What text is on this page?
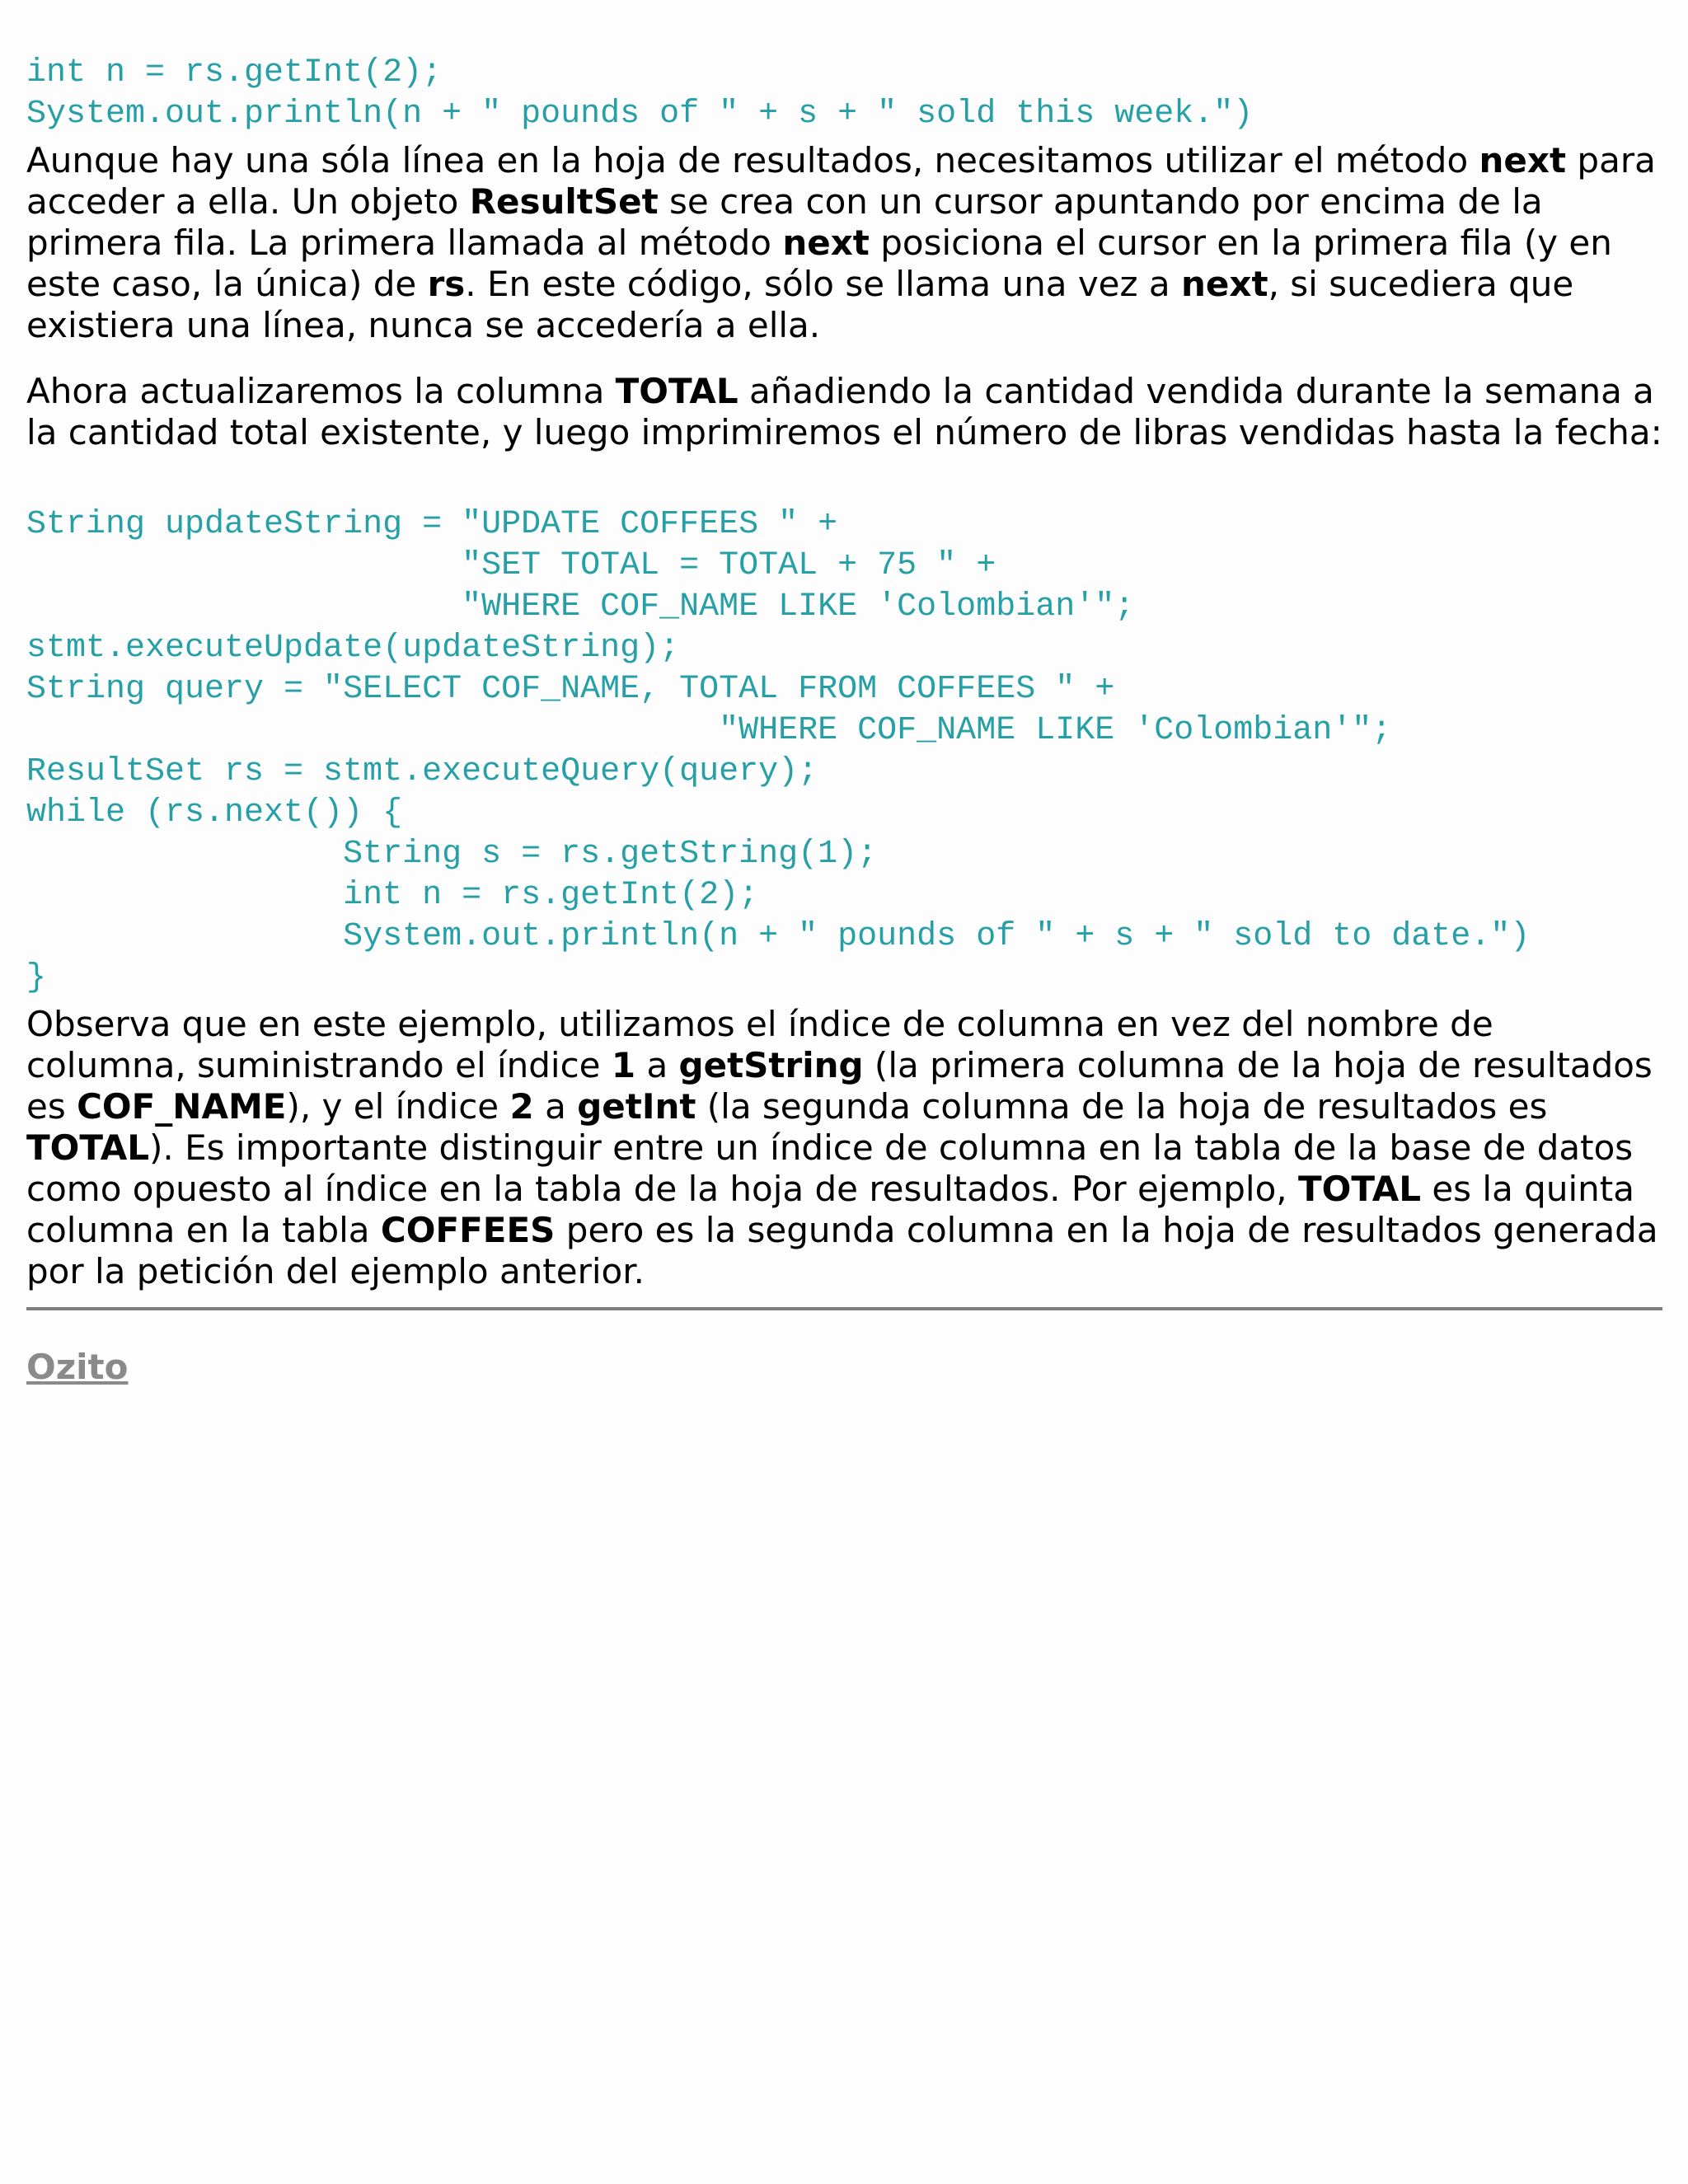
int n = rs.getInt(2);
System.out.println(n + " pounds of " + s + " sold this week.")

Aunque hay una sóla línea en la hoja de resultados, necesitamos utilizar el método next para acceder a ella. Un objeto ResultSet se crea con un cursor apuntando por encima de la primera fila. La primera llamada al método next posiciona el cursor en la primera fila (y en este caso, la única) de rs. En este código, sólo se llama una vez a next, si sucediera que existiera una línea, nunca se accedería a ella.

Ahora actualizaremos la columna TOTAL añadiendo la cantidad vendida durante la semana a la cantidad total existente, y luego imprimiremos el número de libras vendidas hasta la fecha:

String updateString = "UPDATE COFFEES " +
"SET TOTAL = TOTAL + 75 " +
"WHERE COF_NAME LIKE 'Colombian'";
stmt.executeUpdate(updateString);
String query = "SELECT COF_NAME, TOTAL FROM COFFEES " +
"WHERE COF_NAME LIKE 'Colombian'";
ResultSet rs = stmt.executeQuery(query);
while (rs.next()) {
String s = rs.getString(1);
int n = rs.getInt(2);
System.out.println(n + " pounds of " + s + " sold to date.")
}

Observa que en este ejemplo, utilizamos el índice de columna en vez del nombre de columna, suministrando el índice 1 a getString (la primera columna de la hoja de resultados es COF_NAME), y el índice 2 a getInt (la segunda columna de la hoja de resultados es TOTAL). Es importante distinguir entre un índice de columna en la tabla de la base de datos como opuesto al índice en la tabla de la hoja de resultados. Por ejemplo, TOTAL es la quinta columna en la tabla COFFEES pero es la segunda columna en la hoja de resultados generada por la petición del ejemplo anterior.

Ozito
